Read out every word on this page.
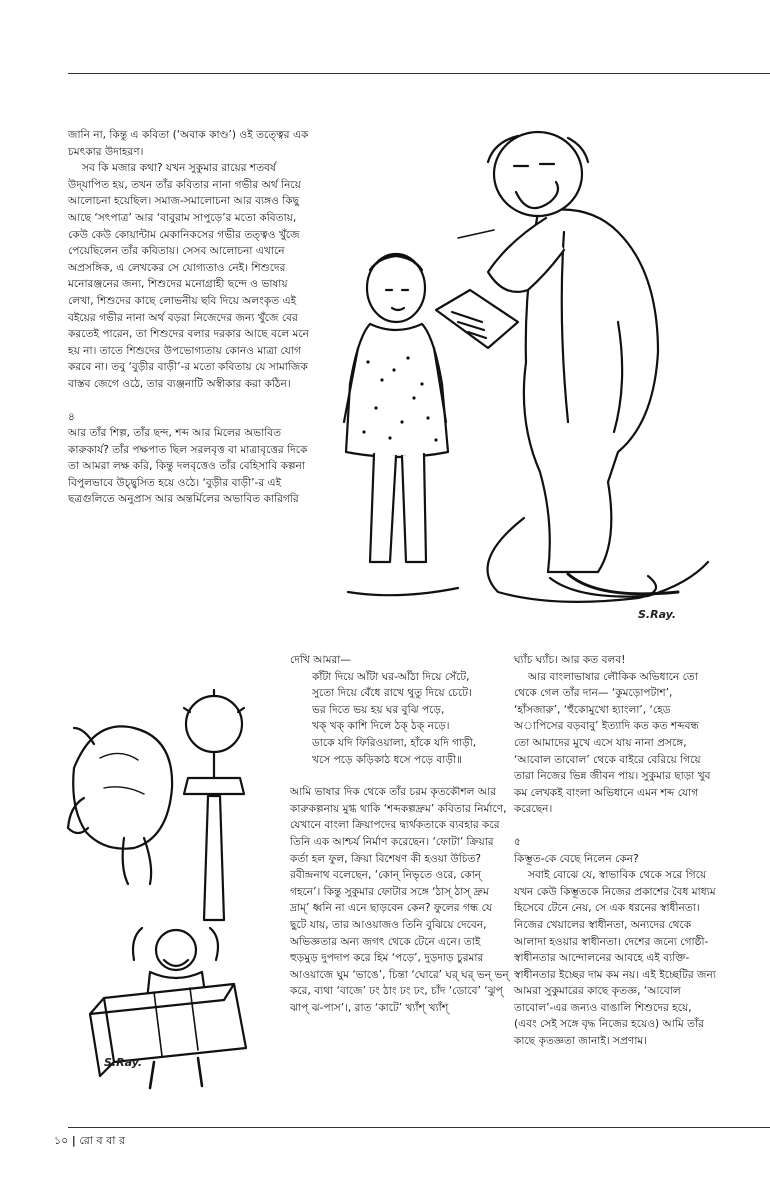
জানি না, কিন্তু এ কবিতা (‘অবাক কাণ্ড’) ওই তত্ত্বের এক চমৎকার উদাহরণ।

সব কি মজার কথা? যখন সুকুমার রায়ের শতবর্ষ উদ্‌যাপিত হয়, তখন তাঁর কবিতার নানা গভীর অর্থ নিয়ে আলোচনা হয়েছিল। সমাজ-সমালোচনা আর ব্যঙ্গও কিছু আছে ‘সৎপাত্র’ আর ‘বাবুরাম সাপুড়ে’র মতো কবিতায়, কেউ কেউ কোয়ান্টাম মেকানিকসের গভীর তত্ত্বও খুঁজে পেয়েছিলেন তাঁর কবিতায়। সেসব আলোচনা এখানে অপ্রসঙ্গিক, এ লেখকের সে যোগ্যতাও নেই। শিশুদের মনোরঞ্জনের জন্য, শিশুদের মনোগ্রাহী ছন্দে ও ভাষায় লেখা, শিশুদের কাছে লোভনীয় ছবি দিয়ে অলংকৃত এই বইয়ের গভীর নানা অর্থ বড়রা নিজেদের জন্য খুঁজে বের করতেই পারেন, তা শিশুদের বলার দরকার আছে বলে মনে হয় না। তাতে শিশুদের উপভোগ্যতায় কোনও মাত্রা যোগ করবে না। তবু ‘বুড়ীর বাড়ী’-র মতো কবিতায় যে সামাজিক বাস্তব জেগে ওঠে, তার ব্যঞ্জনাটি অস্বীকার করা কঠিন।

৪

আর তাঁর শিল্প, তাঁর ছন্দ, শব্দ আর মিলের অভাবিত কারুকার্য? তাঁর পক্ষপাত ছিল সরলবৃত্ত বা মাত্রাবৃত্তের দিকে তা আমরা লক্ষ করি, কিন্তু দলবৃত্তেও তাঁর বেহিসাবি কল্পনা বিপুলভাবে উচ্ছ্বসিত হয়ে ওঠে। ‘বুড়ীর বাড়ী’-র এই ছত্রগুলিতে অনুপ্রাস আর অন্তর্মিলের অভাবিত কারিগরি

S.Ray.
S.Ray.

দেখি আমরা—

কাঁটা দিয়ে আঁটা ঘর-আঁঠা দিয়ে সেঁটে,

সুতো দিয়ে বেঁধে রাখে থুতু দিয়ে চেটে।

ভর দিতে ভয় হয় ঘর বুঝি পড়ে,

খক্‌ খক্‌ কাশি দিলে ঠক্‌ ঠক্‌ নড়ে।

ডাকে যদি ফিরিওয়ালা, হাঁকে যদি গাড়ী,

খসে পড়ে কড়িকাঠ ধসে পড়ে বাড়ী॥

আমি ভাষার দিক থেকে তাঁর চরম কৃতকৌশল আর কারুকল্পনায় মুগ্ধ থাকি ‘শব্দকল্পদ্রুম’ কবিতার নির্মাণে, যেখানে বাংলা ক্রিয়াপদের দ্ব্যর্থকতাকে ব্যবহার করে তিনি এক আশ্চর্য নির্মাণ করেছেন। ‘ফোটা’ ক্রিয়ার কর্তা হল ফুল, ক্রিয়া বিশেষণ কী হওয়া উচিত? রবীন্দ্রনাথ বলেছেন, ‘কোন্‌ নিভৃতে ওরে, কোন্‌ গহনে’। কিন্তু সুকুমার ফোটার সঙ্গে ‘ঠাস্‌ ঠাস্‌ দ্রুম দ্রাম্‌’ ধ্বনি না এনে ছাড়বেন কেন? ফুলের গন্ধ যে ছুটে যায়, তার আওয়াজও তিনি বুঝিয়ে দেবেন, অভিজ্ঞতার অন্য জগৎ থেকে টেনে এনে। তাই হুড়মুড় দুপদাপ করে হিম ‘পড়ে’, দুড়দাড় চুরমার আওয়াজে ঘুম ‘ভাঙে’, চিন্তা ‘ঘোরে’ ঘর্‌ ঘর্‌ ভন্‌ ভন্‌ করে, ব্যথা ‘বাজে’ ঢং ঠাং ঢং ঢং, চাঁদ ‘ডোবে’ ‘ঝুপ্‌ ঝাপ্‌ ঝ-পাস’।, রাত ‘কাটে’ খ্যাঁশ্‌ খ্যাঁশ্‌

ঘ্যাঁচ ঘ্যাঁচ। আর কত বলব!

আর বাংলাভাষার লৌকিক অভিধানে তো থেকে গেল তাঁর দান— ‘কুমড়োপটাশ’, ‘হাঁসজারু’, ‘হুঁকোমুখো হ্যাংলা’, ‘হেড অাপিসের বড়বাবু’ ইত্যাদি কত কত শব্দবন্ধ তো আমাদের মুখে এসে যায় নানা প্রসঙ্গে, ‘আবোল তাবোল’ থেকে বাইরে বেরিয়ে গিয়ে তারা নিজের ভিন্ন জীবন পায়। সুকুমার ছাড়া খুব কম লেখকই বাংলা অভিধানে এমন শব্দ যোগ করেছেন।

৫

কিম্ভূত-কে বেছে নিলেন কেন?

সবাই বোঝে যে, স্বাভাবিক থেকে সরে গিয়ে যখন কেউ কিম্ভূতকে নিজের প্রকাশের বৈধ মাধ্যম হিসেবে টেনে নেয়, সে এক ধরনের স্বাধীনতা। নিজের খেয়ালের স্বাধীনতা, অন্যদের থেকে আলাদা হওয়ার স্বাধীনতা। দেশের জন্যে গোষ্ঠী-স্বাধীনতার আন্দোলনের আবহে এই ব্যক্তি-স্বাধীনতার ইচ্ছের দাম কম নয়। এই ইচ্ছেটির জন্য আমরা সুকুমারের কাছে কৃতজ্ঞ, ‘আবোল তাবোল’-এর জন্যও বাঙালি শিশুদের হয়ে, (এবং সেই সঙ্গে বৃদ্ধ নিজের হয়েও) আমি তাঁর কাছে কৃতজ্ঞতা জানাই। সপ্রণাম।

১০ | রো ব বা র
